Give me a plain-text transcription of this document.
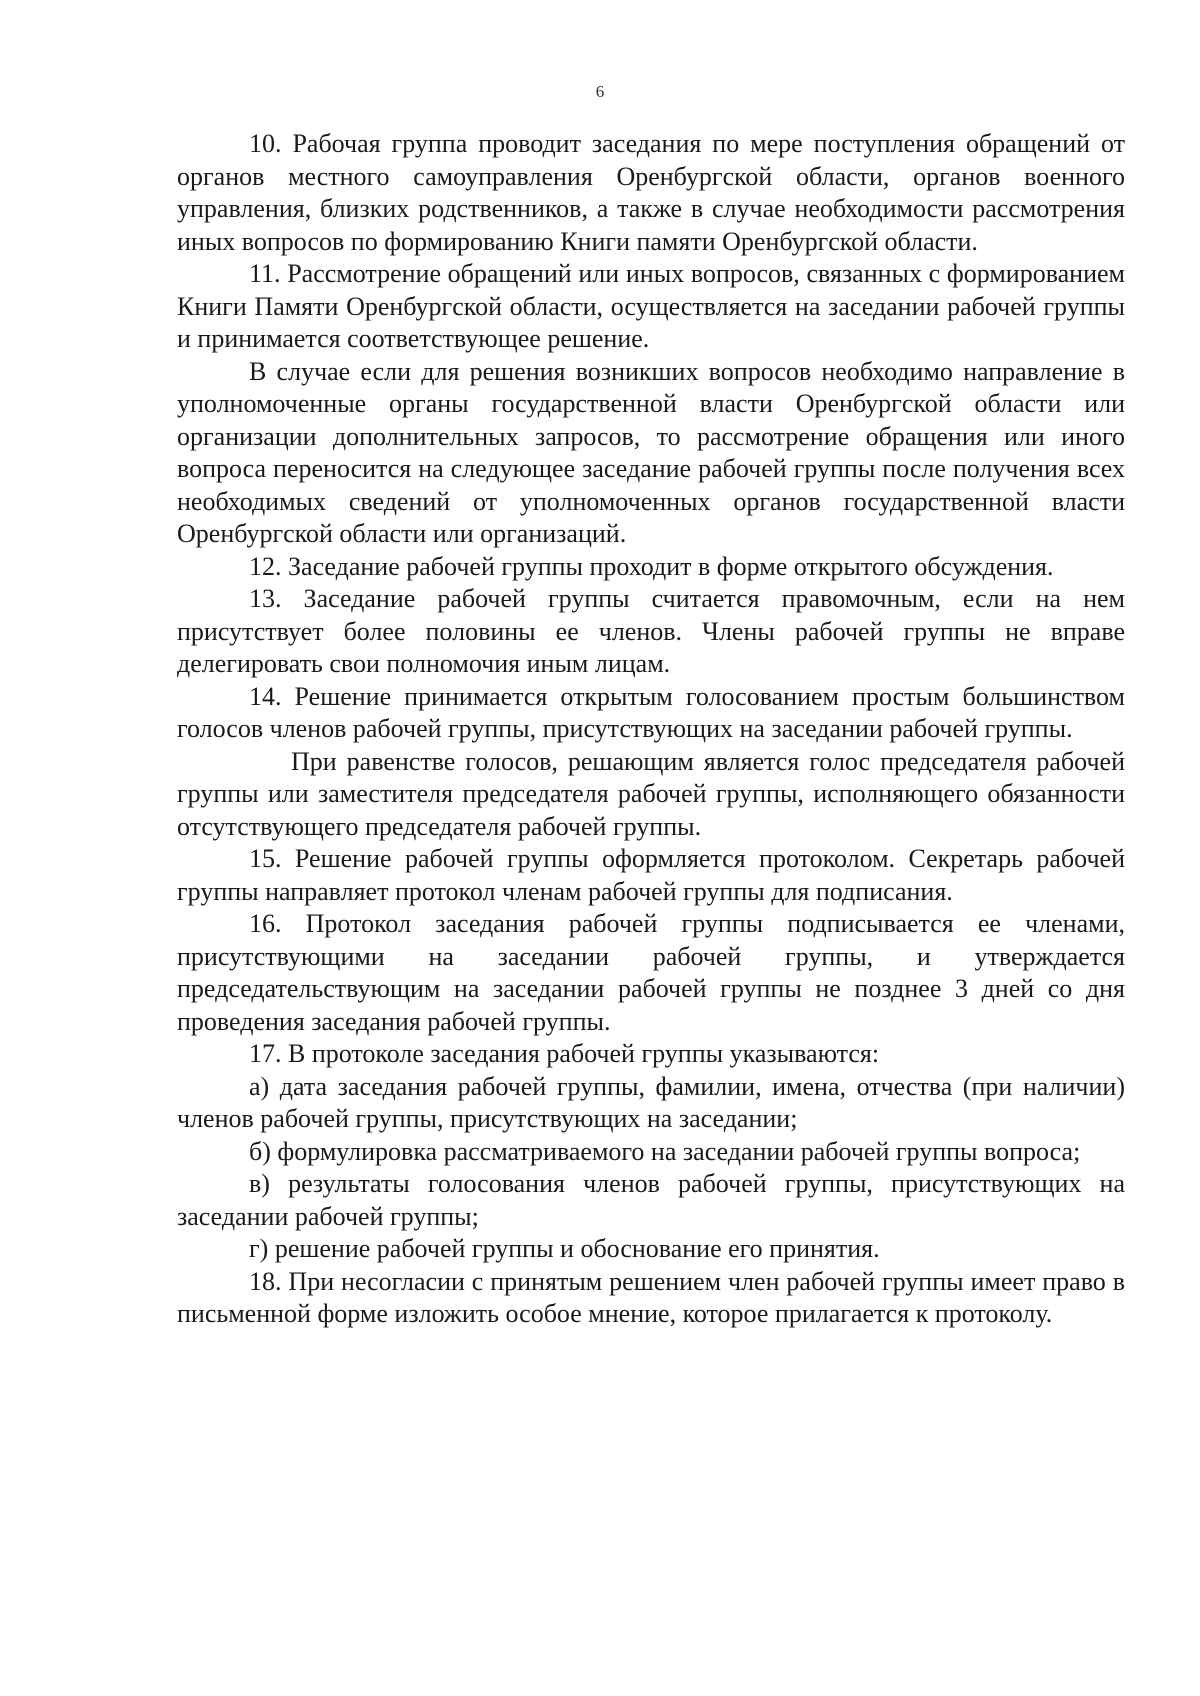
6

10. Рабочая группа проводит заседания по мере поступления обращений от органов местного самоуправления Оренбургской области, органов военного управления, близких родственников, а также в случае необходимости рассмотрения иных вопросов по формированию Книги памяти Оренбургской области.

11. Рассмотрение обращений или иных вопросов, связанных с формированием Книги Памяти Оренбургской области, осуществляется на заседании рабочей группы и принимается соответствующее решение.

В случае если для решения возникших вопросов необходимо направление в уполномоченные органы государственной власти Оренбургской области или организации дополнительных запросов, то рассмотрение обращения или иного вопроса переносится на следующее заседание рабочей группы после получения всех необходимых сведений от уполномоченных органов государственной власти Оренбургской области или организаций.

12. Заседание рабочей группы проходит в форме открытого обсуждения.

13. Заседание рабочей группы считается правомочным, если на нем присутствует более половины ее членов. Члены рабочей группы не вправе делегировать свои полномочия иным лицам.

14. Решение принимается открытым голосованием простым большинством голосов членов рабочей группы, присутствующих на заседании рабочей группы.

При равенстве голосов, решающим является голос председателя рабочей группы или заместителя председателя рабочей группы, исполняющего обязанности отсутствующего председателя рабочей группы.

15. Решение рабочей группы оформляется протоколом. Секретарь рабочей группы направляет протокол членам рабочей группы для подписания.

16. Протокол заседания рабочей группы подписывается ее членами, присутствующими на заседании рабочей группы, и утверждается председательствующим на заседании рабочей группы не позднее 3 дней со дня проведения заседания рабочей группы.

17. В протоколе заседания рабочей группы указываются:

а) дата заседания рабочей группы, фамилии, имена, отчества (при наличии) членов рабочей группы, присутствующих на заседании;

б) формулировка рассматриваемого на заседании рабочей группы вопроса;

в) результаты голосования членов рабочей группы, присутствующих на заседании рабочей группы;

г) решение рабочей группы и обоснование его принятия.

18. При несогласии с принятым решением член рабочей группы имеет право в письменной форме изложить особое мнение, которое прилагается к протоколу.
